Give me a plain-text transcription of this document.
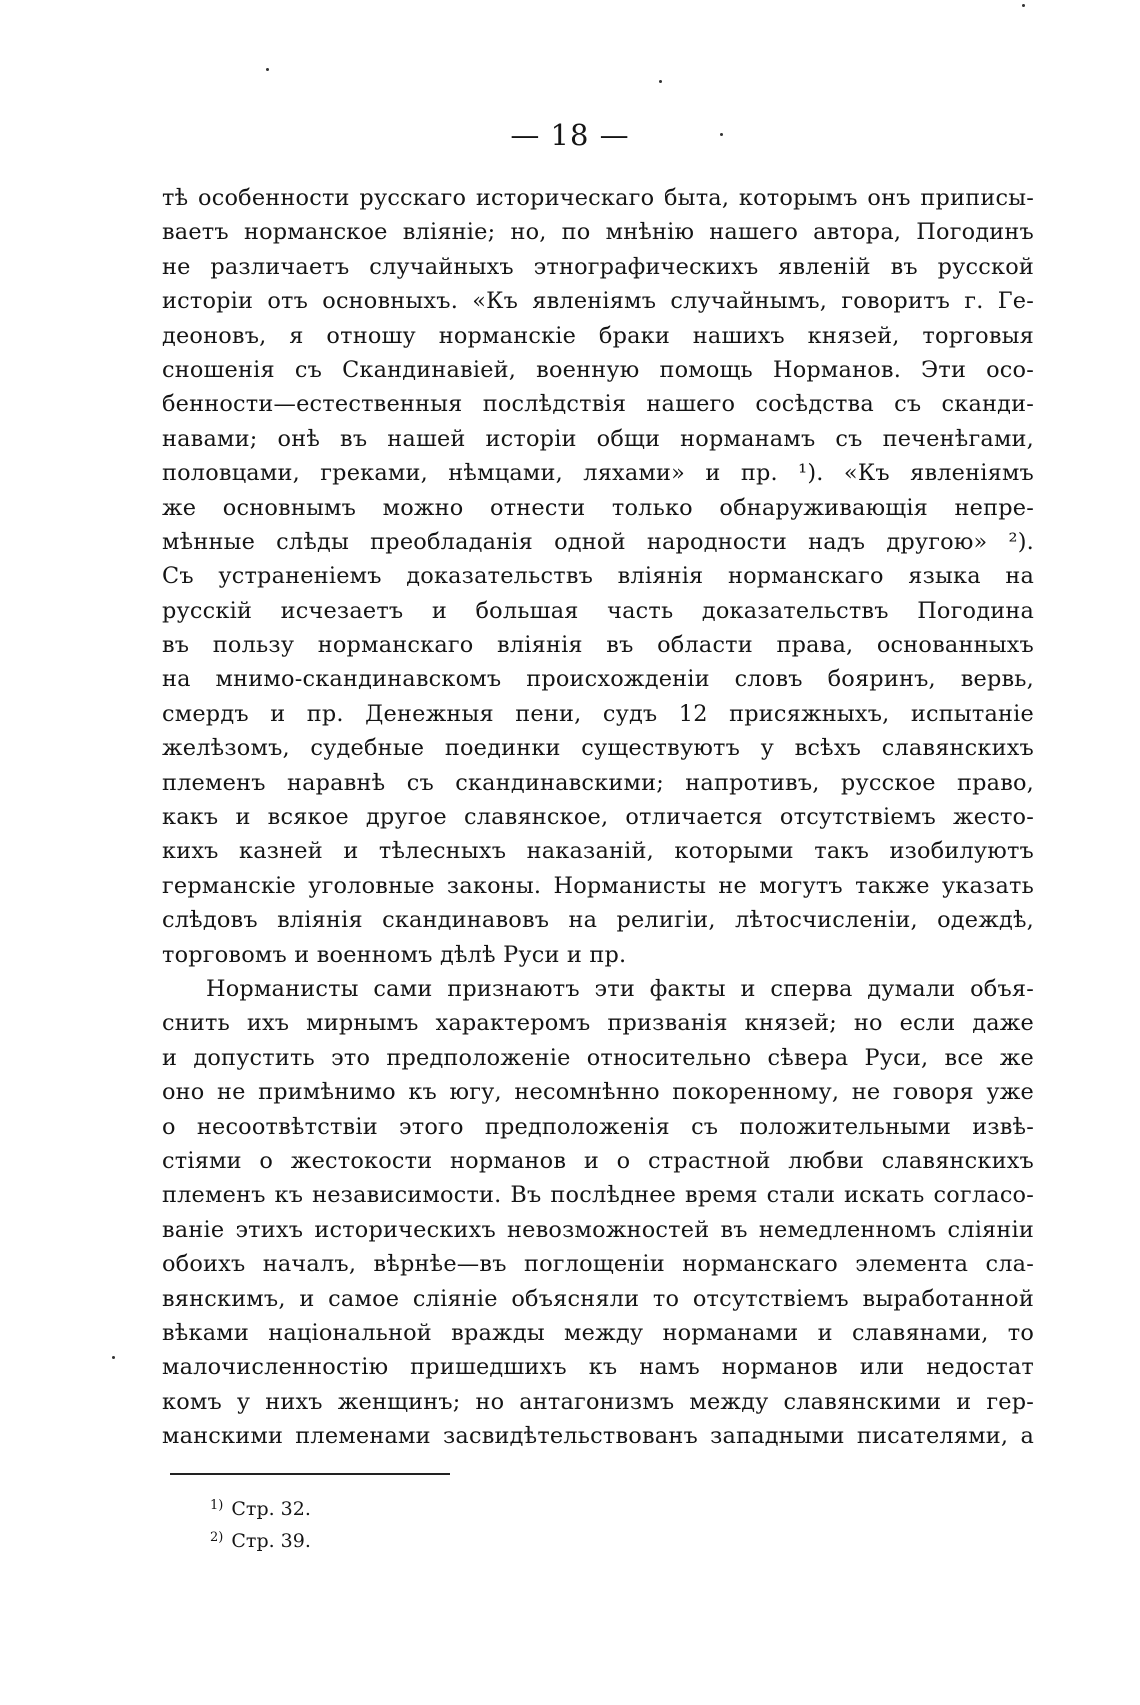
— 18 —
тѣ особенности русскаго историческаго быта, которымъ онъ приписы-
ваетъ норманское вліяніе; но, по мнѣнію нашего автора, Погодинъ
не различаетъ случайныхъ этнографическихъ явленій въ русской
исторіи отъ основныхъ. «Къ явленіямъ случайнымъ, говоритъ г. Ге-
деоновъ, я отношу норманскіе браки нашихъ князей, торговыя
сношенія съ Скандинавіей, военную помощь Норманов. Эти осо-
бенности—естественныя послѣдствія нашего сосѣдства съ сканди-
навами; онѣ въ нашей исторіи общи норманамъ съ печенѣгами,
половцами, греками, нѣмцами, ляхами» и пр. ¹). «Къ явленіямъ
же основнымъ можно отнести только обнаруживающія непре-
мѣнные слѣды преобладанія одной народности надъ другою» ²).
Съ устраненіемъ доказательствъ вліянія норманскаго языка на
русскій исчезаетъ и большая часть доказательствъ Погодина
въ пользу норманскаго вліянія въ области права, основанныхъ
на мнимо-скандинавскомъ происхожденіи словъ бояринъ, вервь,
смердъ и пр. Денежныя пени, судъ 12 присяжныхъ, испытаніе
желѣзомъ, судебные поединки существуютъ у всѣхъ славянскихъ
племенъ наравнѣ съ скандинавскими; напротивъ, русское право,
какъ и всякое другое славянское, отличается отсутствіемъ жесто-
кихъ казней и тѣлесныхъ наказаній, которыми такъ изобилуютъ
германскіе уголовные законы. Норманисты не могутъ также указать
слѣдовъ вліянія скандинавовъ на религіи, лѣтосчисленіи, одеждѣ,
торговомъ и военномъ дѣлѣ Руси и пр.
Норманисты сами признаютъ эти факты и сперва думали объя-
снить ихъ мирнымъ характеромъ призванія князей; но если даже
и допустить это предположеніе относительно сѣвера Руси, все же
оно не примѣнимо къ югу, несомнѣнно покоренному, не говоря уже
о несоотвѣтствіи этого предположенія съ положительными извѣ-
стіями о жестокости норманов и о страстной любви славянскихъ
племенъ къ независимости. Въ послѣднее время стали искать согласо-
ваніе этихъ историческихъ невозможностей въ немедленномъ сліяніи
обоихъ началъ, вѣрнѣе—въ поглощеніи норманскаго элемента сла-
вянскимъ, и самое сліяніе объясняли то отсутствіемъ выработанной
вѣками національной вражды между норманами и славянами, то
малочисленностію пришедшихъ къ намъ норманов или недостат
комъ у нихъ женщинъ; но антагонизмъ между славянскими и гер-
манскими племенами засвидѣтельствованъ западными писателями, а
$^{1)}$ Стр. 32.
$^{2)}$ Стр. 39.
